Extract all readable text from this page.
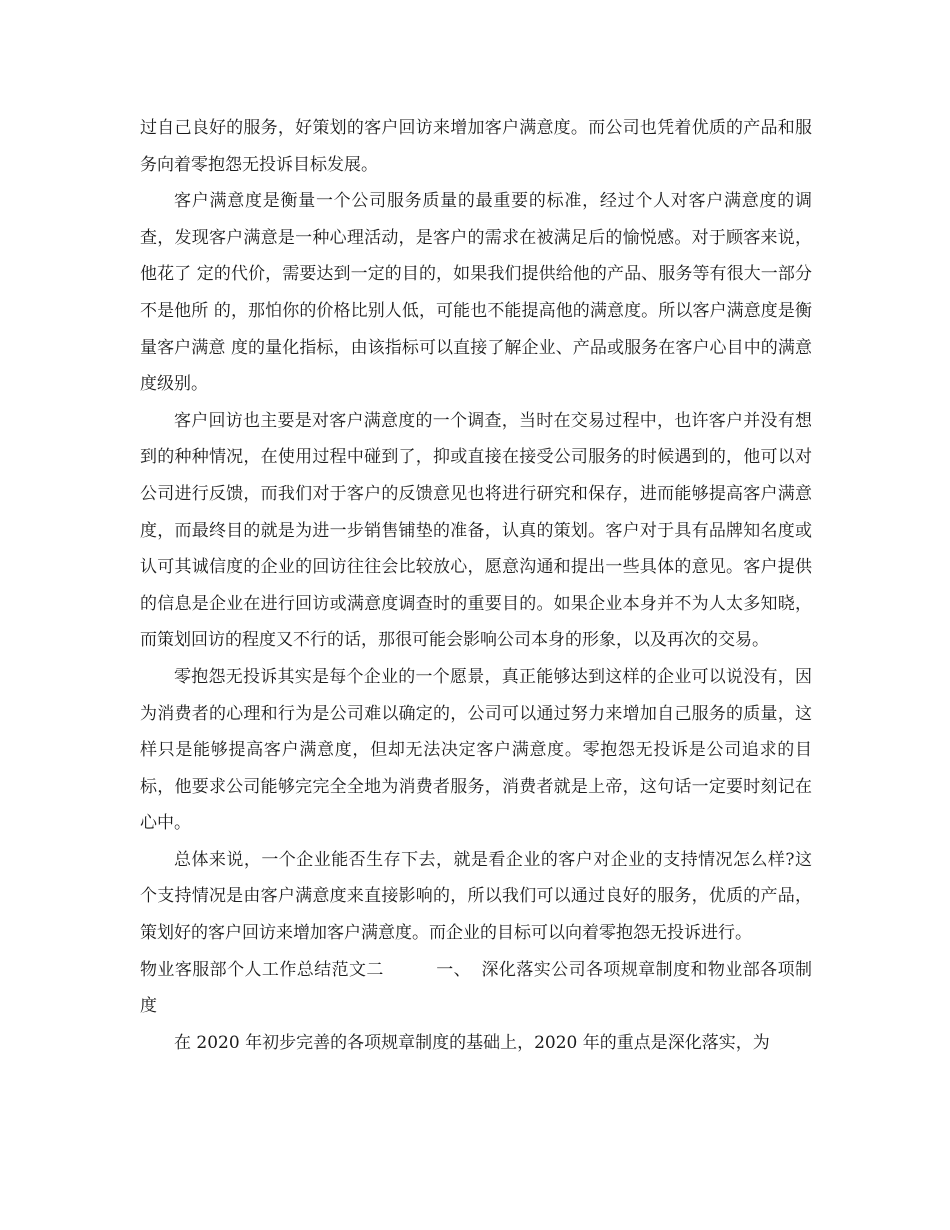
过自己良好的服务，好策划的客户回访来增加客户满意度。而公司也凭着优质的产品和服务向着零抱怨无投诉目标发展。

客户满意度是衡量一个公司服务质量的最重要的标准，经过个人对客户满意度的调查，发现客户满意是一种心理活动，是客户的需求在被满足后的愉悦感。对于顾客来说，他花了 定的代价，需要达到一定的目的，如果我们提供给他的产品、服务等有很大一部分不是他所 的，那怕你的价格比别人低，可能也不能提高他的满意度。所以客户满意度是衡量客户满意 度的量化指标，由该指标可以直接了解企业、产品或服务在客户心目中的满意度级别。

客户回访也主要是对客户满意度的一个调查，当时在交易过程中，也许客户并没有想到的种种情况，在使用过程中碰到了，抑或直接在接受公司服务的时候遇到的，他可以对公司进行反馈，而我们对于客户的反馈意见也将进行研究和保存，进而能够提高客户满意度，而最终目的就是为进一步销售铺垫的准备，认真的策划。客户对于具有品牌知名度或认可其诚信度的企业的回访往往会比较放心，愿意沟通和提出一些具体的意见。客户提供的信息是企业在进行回访或满意度调查时的重要目的。如果企业本身并不为人太多知晓，而策划回访的程度又不行的话，那很可能会影响公司本身的形象，以及再次的交易。

零抱怨无投诉其实是每个企业的一个愿景，真正能够达到这样的企业可以说没有，因为消费者的心理和行为是公司难以确定的，公司可以通过努力来增加自己服务的质量，这样只是能够提高客户满意度，但却无法决定客户满意度。零抱怨无投诉是公司追求的目标，他要求公司能够完完全全地为消费者服务，消费者就是上帝，这句话一定要时刻记在心中。

总体来说，一个企业能否生存下去，就是看企业的客户对企业的支持情况怎么样?这个支持情况是由客户满意度来直接影响的，所以我们可以通过良好的服务，优质的产品，策划好的客户回访来增加客户满意度。而企业的目标可以向着零抱怨无投诉进行。

物业客服部个人工作总结范文二	一、 深化落实公司各项规章制度和物业部各项制度

在 2020 年初步完善的各项规章制度的基础上，2020 年的重点是深化落实，为
